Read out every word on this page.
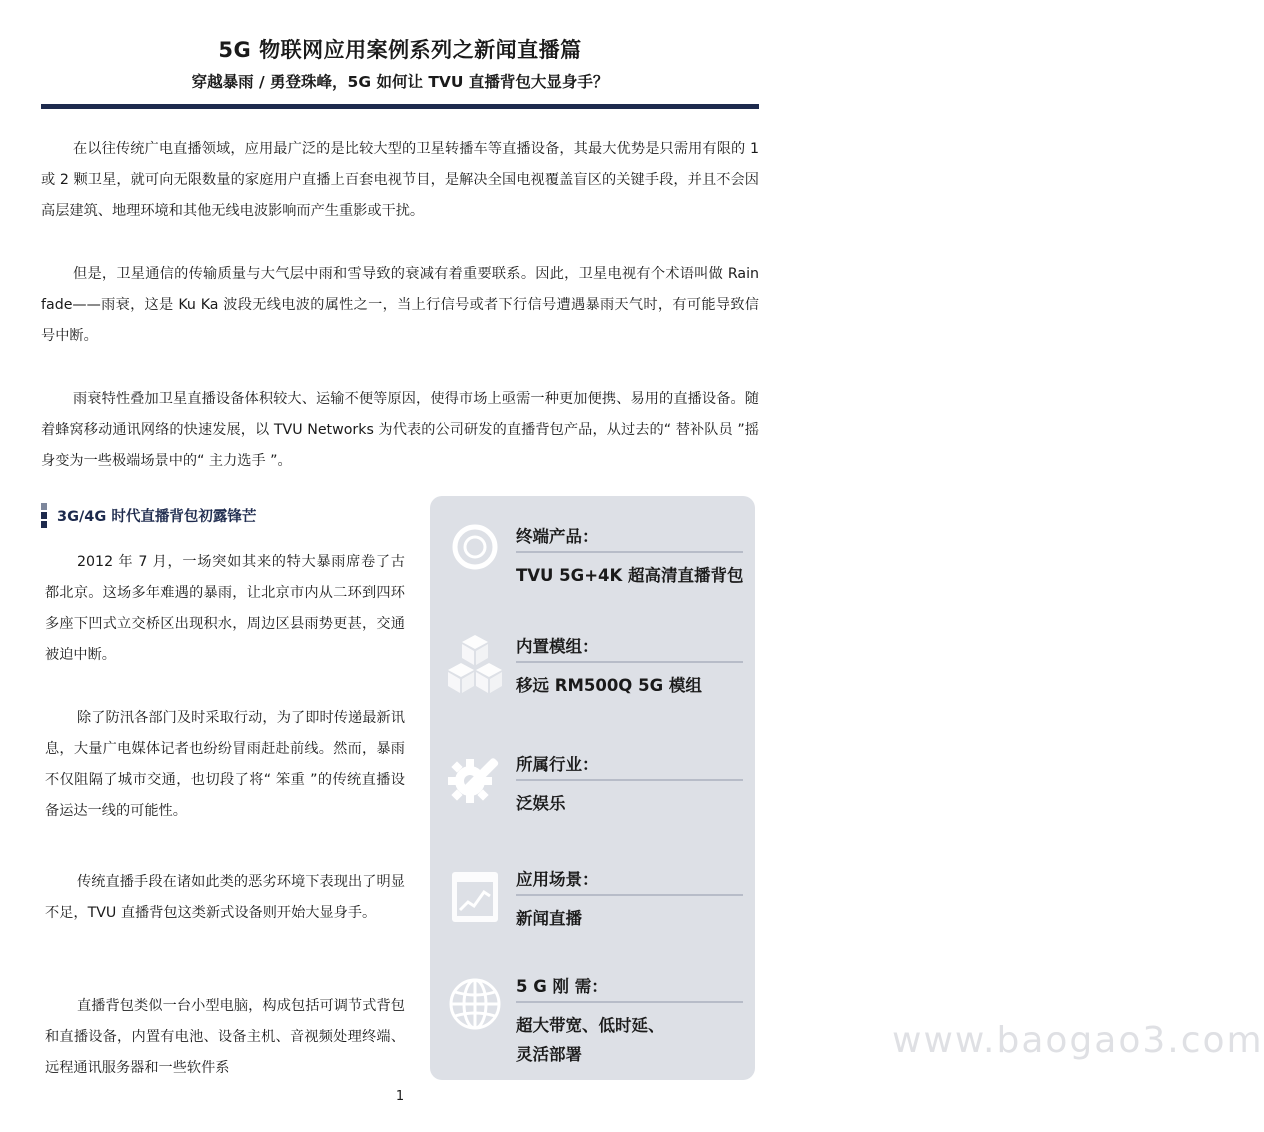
5G 物联网应用案例系列之新闻直播篇
穿越暴雨 / 勇登珠峰，5G 如何让 TVU 直播背包大显身手？

在以往传统广电直播领域，应用最广泛的是比较大型的卫星转播车等直播设备，其最大优势是只需用有限的 1 或 2 颗卫星，就可向无限数量的家庭用户直播上百套电视节目，是解决全国电视覆盖盲区的关键手段，并且不会因高层建筑、地理环境和其他无线电波影响而产生重影或干扰。

但是，卫星通信的传输质量与大气层中雨和雪导致的衰减有着重要联系。因此，卫星电视有个术语叫做 Rain fade——雨衰，这是 Ku Ka 波段无线电波的属性之一，当上行信号或者下行信号遭遇暴雨天气时，有可能导致信号中断。

雨衰特性叠加卫星直播设备体积较大、运输不便等原因，使得市场上亟需一种更加便携、易用的直播设备。随着蜂窝移动通讯网络的快速发展，以 TVU Networks 为代表的公司研发的直播背包产品，从过去的“ 替补队员 ”摇身变为一些极端场景中的“ 主力选手 ”。

3G/4G 时代直播背包初露锋芒

2012 年 7 月，一场突如其来的特大暴雨席卷了古都北京。这场多年难遇的暴雨，让北京市内从二环到四环多座下凹式立交桥区出现积水，周边区县雨势更甚，交通被迫中断。

除了防汛各部门及时采取行动，为了即时传递最新讯息，大量广电媒体记者也纷纷冒雨赶赴前线。然而，暴雨不仅阻隔了城市交通，也切段了将“ 笨重 ”的传统直播设备运达一线的可能性。

传统直播手段在诸如此类的恶劣环境下表现出了明显不足，TVU 直播背包这类新式设备则开始大显身手。

直播背包类似一台小型电脑，构成包括可调节式背包和直播设备，内置有电池、设备主机、音视频处理终端、远程通讯服务器和一些软件系

www.baogao3.com
终端产品：
TVU 5G+4K 超高清直播背包
内置模组：
移远 RM500Q 5G 模组
所属行业：
泛娱乐
应用场景：
新闻直播
5 G 刚 需：
超大带宽、低时延、
灵活部署
1
